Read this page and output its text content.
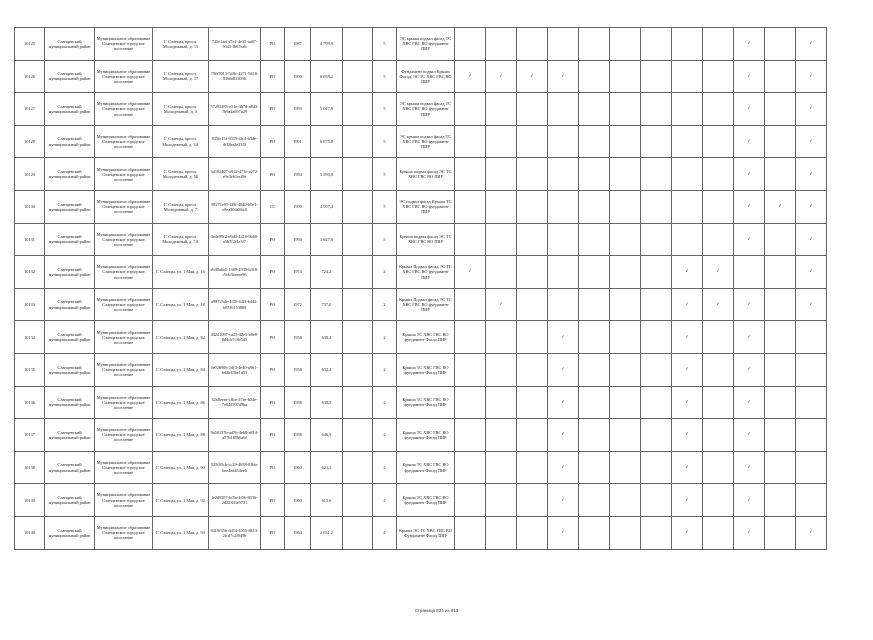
10125	Сланцевский муниципальный район	Муниципальное образование Сланцевское городское поселение	Г. Сланцы, просп. Молодежный, д. 15	745e1aef-f7e2-4e35-aa87-9343-fb67ea6	РО	1987	4 799,9		5	ЭС крыша подвал фасад ТС ХВС ГВС ВО фундамент ПИР										✓		✓
10126	Сланцевский муниципальный район	Муниципальное образование Сланцевское городское поселение	Г. Сланцы, просп. Молодежный, д. 17	79fe7013-548c-4271-9418-81b6d1f3036	РО	1990	6 058,2		5	Фундамент подвал Крыша Фасад, ЭС ТС ХВС ГВС ВО ПИР	✓	✓	✓	✓						✓		✓
10127	Сланцевский муниципальный район	Муниципальное образование Сланцевское городское поселение	Г. Сланцы, просп. Молодежный, д. 3	57292285-e51e-4b7d-a8d3-7b9a2a697a29	РО	1993	5 047,9		5	ЭС крыша подвал фасад ТС ХВС ГВС ВО фундамент ПИР										✓		✓
10128	Сланцевский муниципальный район	Муниципальное образование Сланцевское городское поселение	Г. Сланцы, просп. Молодежный, д. 3А	935fe15f-9319-4fc4-b3de-dff2ba2e23f3	РО	1991	6 075,8		5	ЭС крыша подвал фасад ТС ХВС ГВС ВО фундамент ПИР										✓		✓
10129	Сланцевский муниципальный район	Муниципальное образование Сланцевское городское поселение	Г. Сланцы, просп. Молодежный, д. 5Б	3d102407-a912-471e-a272-e9e3eb1ecf9e	РО	1994	5 590,0		5	Крыша подвал фасад ЭС ТС ХВС ГВС ВО ПИР										✓		✓
10130	Сланцевский муниципальный район	Муниципальное образование Сланцевское городское поселение	Г. Сланцы, просп. Молодежный, д. 7	58271e95-4f9f-4840-b9c1-e9ea30da86c8	СС	1990	4 097,4		5	ЭС подвал фасад Крыша ТС ХВС ГВС ВО фундамент ПИР										✓	✓	✓
10131	Сланцевский муниципальный район	Муниципальное образование Сланцевское городское поселение	Г. Сланцы, просп. Молодежный, д. 7А	0ede99c2-e9d0-4416-9b68-a5b7f2f4e3f7	РО	1994	3 647,9		5	Крыша подвал фасад ЭС ТС ХВС ГВС ВО ПИР										✓		✓
10132	Сланцевский муниципальный район	Муниципальное образование Сланцевское городское поселение	Г. Сланцы, ул. 1 Мая, д. 16	eb40a6a5-1309-4930-b318-c9cb3eeeee96	РО	1974	724,2		2	Крыша Подвал фасад ЭС ТС ХВС ГВС ВО фундамент ПИР	✓							✓	✓			✓
10133	Сланцевский муниципальный район	Муниципальное образование Сланцевское городское поселение	Г. Сланцы, ул. 1 Мая, д. 18	a98725de-4f50-44f3-b442-b8736153809	РО	1972	737,0		2	Крыша Подвал фасад ЭС ТС ХВС ГВС ВО фундамент ПИР		✓						✓	✓	✓		✓
10134	Сланцевский муниципальный район	Муниципальное образование Сланцевское городское поселение	Г. Сланцы, ул. 1 Мая, д. 82	44241097-ca25-42e5-b9e8-0d4cb7c3b543	РО	1958	638,4		2	Крыша ТС ХВС ГВС ВО фундамент Фасад ПИР				✓				✓		✓		
10135	Сланцевский муниципальный район	Муниципальное образование Сланцевское городское поселение	Г. Сланцы, ул. 1 Мая, д. 84	fe026906-1df3-4e40-a961-bd2b45be1d33	РО	1958	632,4		2	Крыша ТС ХВС ГВС ВО фундамент Фасад ПИР				✓				✓		✓		
10136	Сланцевский муниципальный район	Муниципальное образование Сланцевское городское поселение	Г. Сланцы, ул. 1 Мая, д. 86	32b8eeee-c8ce-47ee-b24e-7e84d707d9ba	РО	1958	638,5		2	Крыша ТС ХВС ГВС ВО фундамент Фасад ПИР				✓				✓		✓		
10137	Сланцевский муниципальный район	Муниципальное образование Сланцевское городское поселение	Г. Сланцы, ул. 1 Мая, д. 88	9a50137b-ad76-4eb0-a814-a77b185b6a6f	РО	1958	646,9		2	Крыша ТС ХВС ГВС ВО фундамент Фасад ПИР				✓				✓		✓		
10138	Сланцевский муниципальный район	Муниципальное образование Сланцевское городское поселение	Г. Сланцы, ул. 1 Мая, д. 90	525f05cb-cc29-4658-83bb-bee4ed454ee6	РО	1960	621,1		2	Крыша ТС ХВС ГВС ВО фундамент Фасад ПИР				✓				✓		✓		
10139	Сланцевский муниципальный район	Муниципальное образование Сланцевское городское поселение	Г. Сланцы, ул. 1 Мая, д. 92	fe2d9297-bf5a-4f56-8036-2d22383e9731	РО	1960	615,6		2	Крыша ТС ХВС ГВС ВО фундамент Фасад ПИР				✓				✓		✓		
10140	Сланцевский муниципальный район	Муниципальное образование Сланцевское городское поселение	Г. Сланцы, ул. 1 Мая, д. 94	8419f35b-dd54-4055-8613-2fcd7c2f049b	РО	1964	2 031,2		4	Крыша ЭС ТС ХВС ГВС ВО Фундамент Фасад ПИР				✓				✓		✓		✓
Страница 834 из 913
